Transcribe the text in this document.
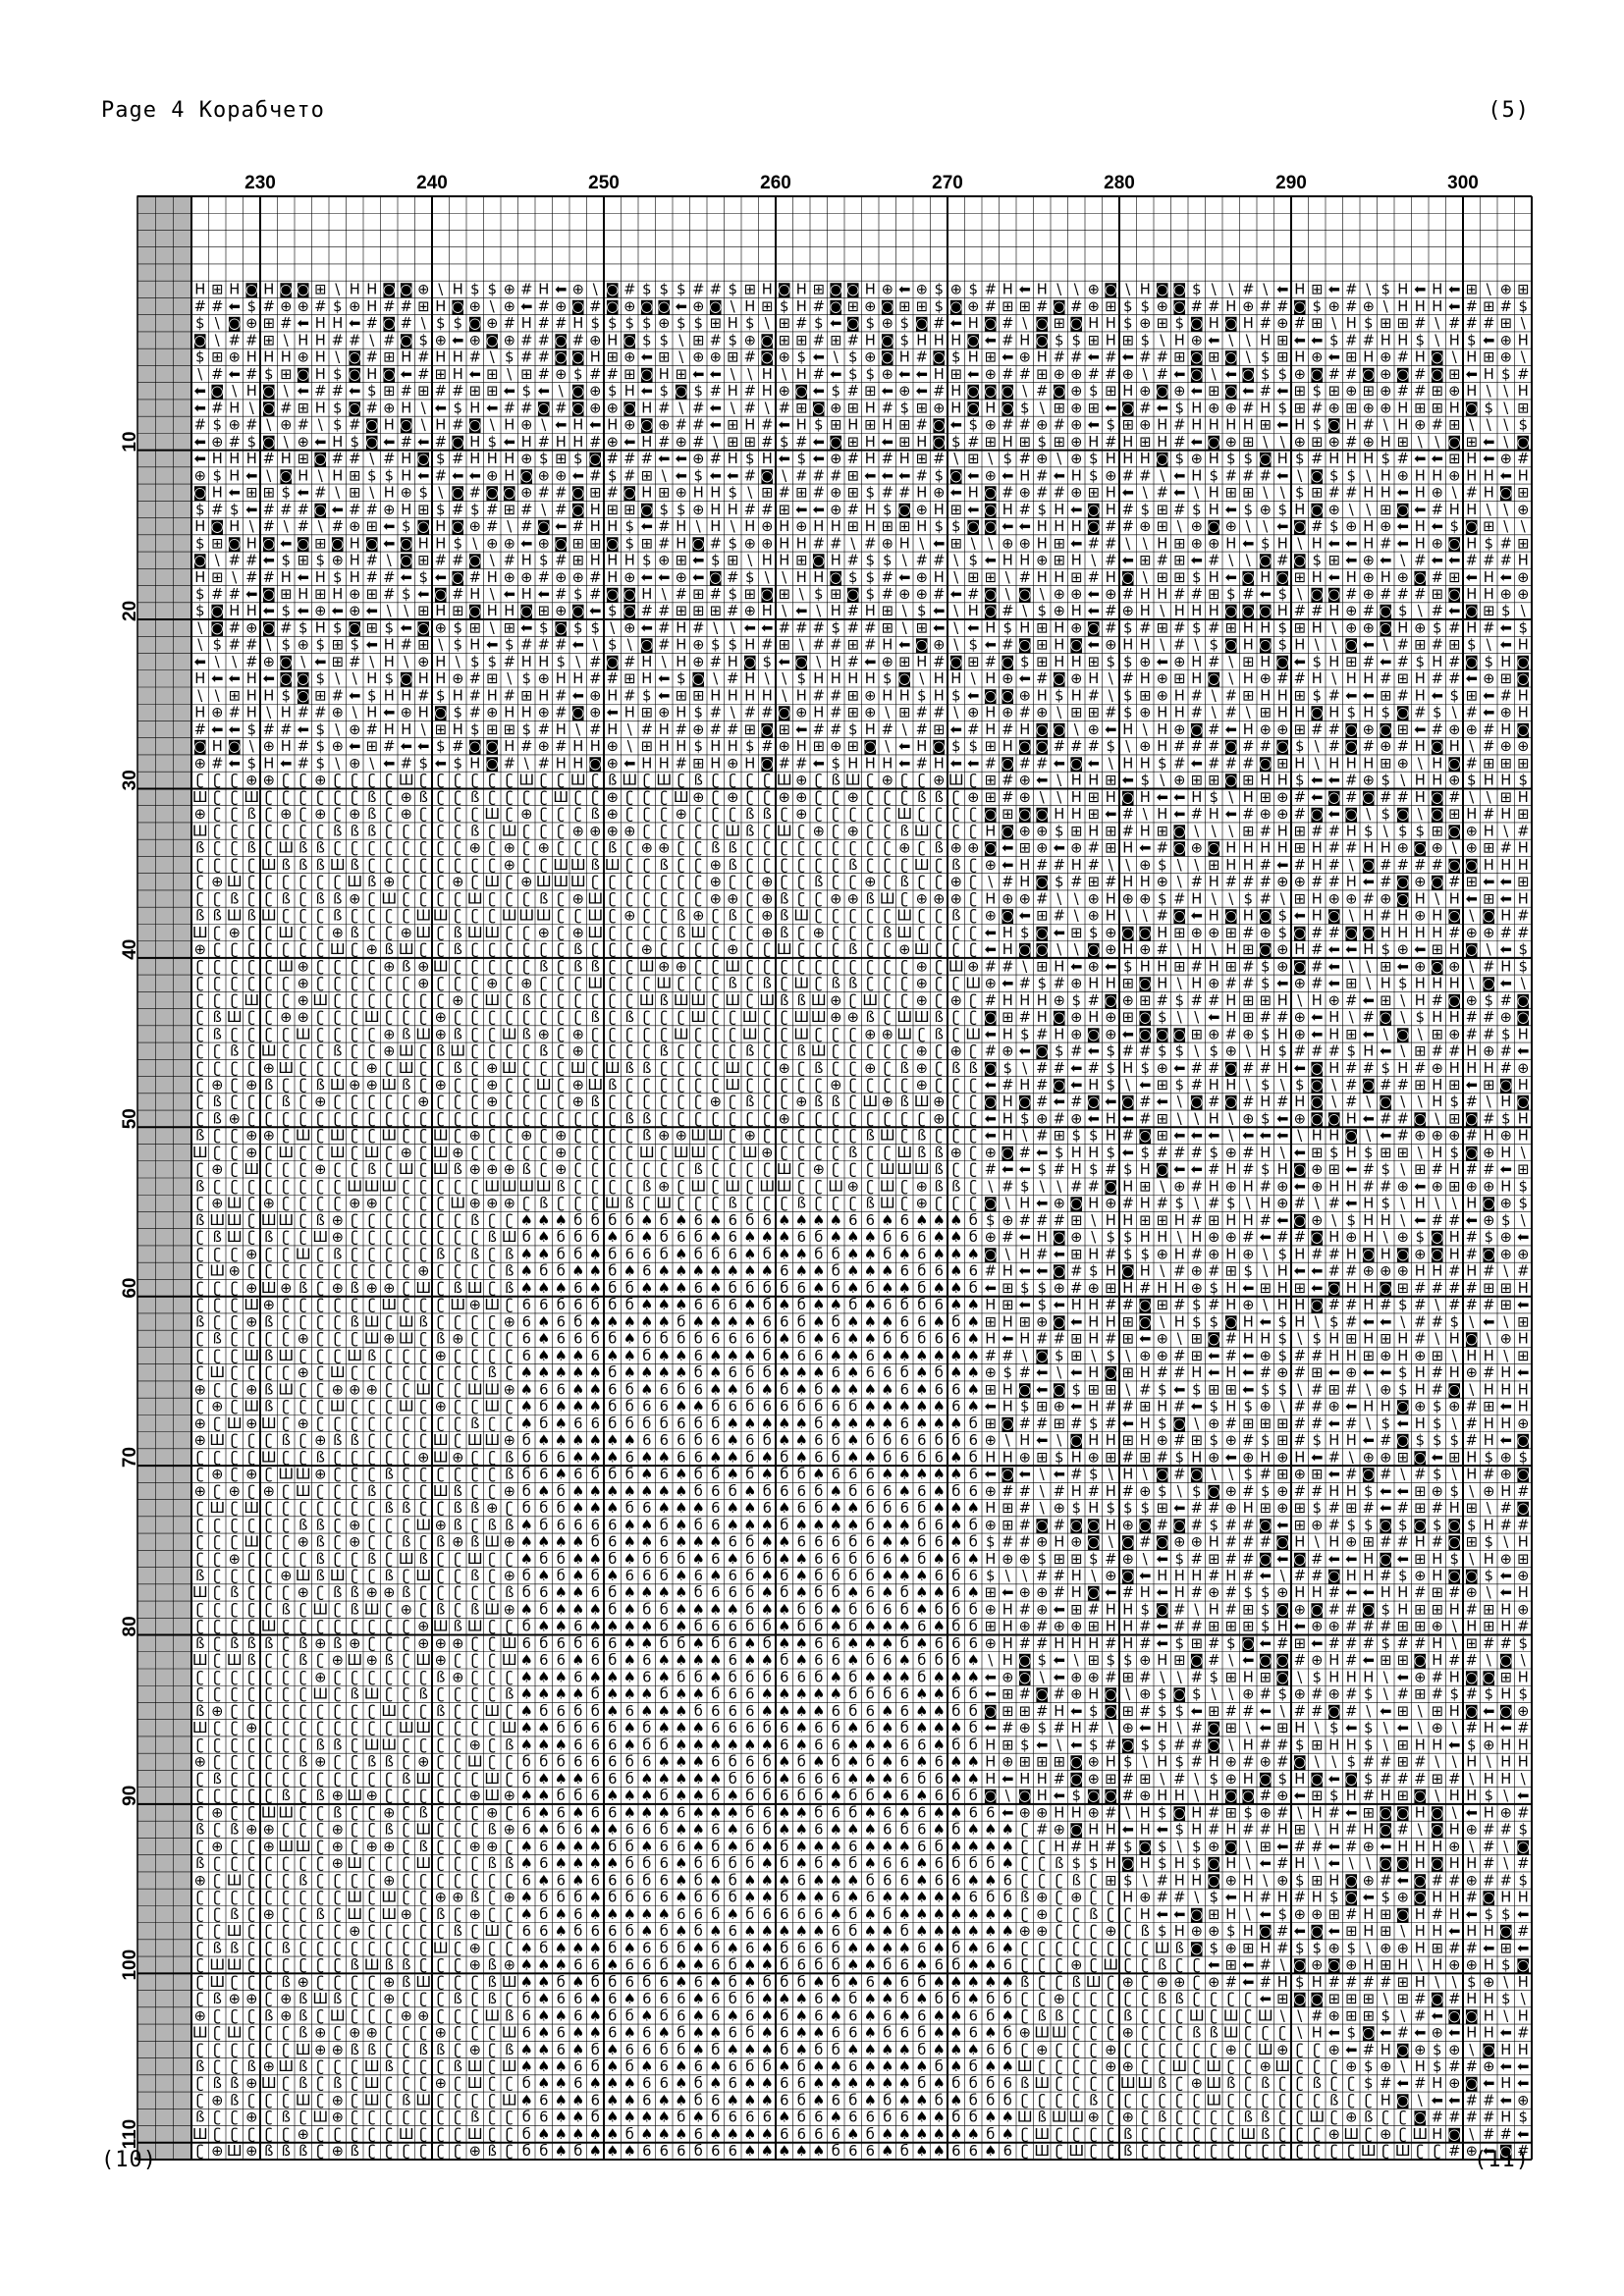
Page 4 Корабчето	(5)
H ⊞ H ◙ H ◙ ◙ ⊞ \ H H ◙ ◙ ⊕ \ H $ $ ⊕ # H ⬅ ⊕ \ ◙ # $ $ $ # # $ ⊞ H ◙ H ⊞ ◙ ◙ H ⊕ ⬅ ⊕ $ ⊕ $ # H ⬅ H \ \ ⊕ ◙ \ H ◙ ◙ $ \ \ # \ ⬅ H ⊞ ⬅ # \ $ H ⬅ H ⬅ ⊞ \ ⊕ ⊞
# # ⬅ $ # ⊕ ⊕ # $ ⊕ H # # ⊞ H ◙ ⊕ \ ⊕ ⬅ # ⊕ ◙ # ◙ ⊕ ◙ ◙ ⬅ ⊕ ◙ \ H ⊞ $ H # ◙ ⊞ ⊕ ◙ ⊞ ⊞ $ ◙ ⊕ # ⊞ ⊞ # ◙ # ⊕ ⊞ $ $ ⊕ ◙ # # H ⊕ # # ◙ $ ⊕ # ⊕ \ H H H ⬅ # ⊞ # $
$ \ ◙ ⊕ ⊞ # ⬅ H H ⬅ # ◙ # \ $ $ ◙ ⊕ # H # # H $ $ $ $ ⊕ $ $ ⊞ H $ \ ⊞ # $ ⬅ ◙ $ ⊕ $ ◙ # ⬅ H ◙ # \ ◙ ⊞ ◙ H H $ ⊕ ⊞ $ ◙ H ◙ H # ⊕ # ⊞ \ H $ ⊞ ⊞ # \ # # # ⊞ \
◙ \ # # ⊞ \ H H # # \ # ◙ $ ⊕ ⬅ ⊕ ◙ ⊕ # # ◙ # ⊕ H ◙ $ $ \ ⊞ # $ ⊕ ◙ ⊞ ⊞ # ⊞ # H ◙ $ H H H ◙ ⬅ # H ◙ $ $ ⊞ H ⊞ $ \ H ⊕ ⬅ \ \ H ⊞ ⬅ ⬅ $ # # H H $ \ H $ ⬅ ⊕ H
$ ⊞ ⊕ H H H ⊕ H \ ◙ # ⊞ H # H H # \ $ # # ◙ ◙ H ⊞ ⊕ ⬅ ⊞ \ ⊕ ⊕ ⊞ # ◙ ⊕ $ ⬅ \ $ ⊕ ◙ H # ◙ $ H ⊞ ⬅ ⊕ H # # ⬅ # ⬅ # # ⊞ ◙ ⊞ ◙ \ $ ⊞ H ⊕ ⬅ ⊞ H ⊕ # H ◙ \ H ⊞ ⊕ \
\ # ⬅ # $ ⊞ ◙ H $ ◙ H ◙ ⬅ # ⊞ H ⬅ ⊞ \ ⊞ # ⊕ $ # # ⊞ ◙ H ⊞ ⬅ ⬅ \ \ H \ H # ⬅ $ $ ⊕ ⬅ ⬅ H ⊞ ⬅ ⊕ # # ⊞ ⊕ ⊕ # # ⊕ \ # ⬅ ◙ \ ⬅ ◙ $ $ ⊕ ◙ # # ◙ ⊕ ◙ # ◙ ⊞ ⬅ H $ #
⬅ ◙ \ H ◙ \ ⬅ # # ⬅ $ ⊞ # ⊞ # # ⊞ ⊞ ⬅ $ ⬅ \ ◙ ⊕ $ H ⬅ $ ◙ $ # H # H ⊕ ◙ ⬅ $ # ⊞ ⬅ ⊕ ⬅ # H ◙ ◙ ◙ \ # ◙ ⊕ $ ⊞ H ⊕ ◙ ⊕ ⬅ ⊞ ◙ ⬅ # ⬅ ⊞ $ ⊞ ⊕ ⊞ ⊕ # # ⊞ ⊕ H \ \ H
⬅ # H \ ◙ # ⊞ H $ ◙ # ⊕ H \ ⬅ $ H ⬅ # # ◙ # ◙ ⊕ ⊕ ◙ H # \ # ⬅ \ # \ # ⊞ ◙ ⊕ ⊞ H # $ ⊞ ⊕ H ◙ H ◙ $ \ ⊞ ⊕ ⊞ ⬅ ◙ # ⬅ $ H ⊕ ⊕ # H $ ⊞ # ⊕ ⊞ ⊕ ⊕ H ⊞ ⊞ H ◙ $ \ ⊞
# $ ⊕ # \ ⊕ # \ $ # ◙ H ◙ \ H # ◙ \ H ⊕ \ ⬅ H ⬅ H ⊕ ◙ ⊕ # # ⬅ ⊞ H # ⬅ H $ ⊞ H ⊞ H ⊞ # ◙ ⬅ $ ⊕ # # ⊕ # ⊕ ⬅ $ ⊞ ⊕ H # H H H H ⊞ ⬅ H $ ◙ H # \ H ⊕ # ⊞ \ \ \ $
⬅ ⊕ # $ ◙ \ ⊕ ⬅ H $ ◙ ⬅ # ⬅ # ◙ H $ ⬅ H # H H # ⊕ ⬅ H # ⊕ # \ ⊞ ⊞ # $ # ⬅ ◙ ⊞ H ⬅ ⊞ H ◙ $ # ⊞ H ⊞ $ ⊞ ⊕ H # H ⊞ H # ⬅ ◙ ⊕ ⊞ \ \ ⊕ ⊞ ⊕ # ⊕ H ⊞ \ \ ◙ ⊞ ⬅ \ ◙
⬅ H H H # H ⊞ ◙ # # \ # H ◙ $ # H H H ⊕ $ ⊞ $ ◙ # # # ⬅ ⬅ ⊕ # H $ H ⬅ $ ⬅ ⊕ # H # H ⊞ # \ ⊞ \ $ # ⊕ \ ⊕ $ H H H ◙ $ ⊕ H $ $ ◙ H $ # H H H $ # ⬅ ⬅ ⊞ H ⬅ ⊕ #
⊕ $ H ⬅ \ ◙ H \ H ⊞ $ $ H ⬅ # ⬅ ⬅ ⊕ H ◙ ⊕ ⊕ ⬅ # $ # ⊞ \ ⬅ $ ⬅ ⬅ # ◙ \ # # # ⊞ ⬅ ⬅ ⬅ # $ ◙ ⬅ ⊕ ⬅ H # ⬅ H $ ⊕ # # \ ⬅ H $ # # # ⬅ \ ◙ $ $ \ H ⊕ H H ⊕ H H ⬅ H
◙ H ⬅ ⊞ ⊞ $ ⬅ # \ ⊞ \ H ⊕ $ \ ◙ # ◙ ◙ ⊕ # # ◙ ⊞ # ◙ H ⊞ ⊕ H H $ \ ⊞ # ⊞ # ⊕ ⊞ $ # # H ⊕ ⬅ H ◙ # ⊕ # # ⊕ ⊞ H ⬅ \ # ⬅ \ H ⊞ ⊞ \ \ $ ⊞ # # H H ⬅ H ⊕ \ # H ◙ ⊞
$ # $ ⬅ # # # ◙ ⬅ # # ⊕ H ⊞ $ # $ # ⊞ # \ # ◙ H ⊞ ⊞ ◙ $ $ ⊕ H H # # ⊞ ⬅ ⬅ ⊕ # H $ ◙ ⊕ H ⊞ ⬅ ◙ H # $ H ⬅ ◙ H # $ ⊞ # $ H ⬅ $ ⊕ $ H ◙ ⊕ \ \ ⊞ ◙ ⬅ # H H \ \ ⊕
H ◙ H \ # \ # \ # ⊕ ⊞ ⬅ $ ◙ H ◙ ⊕ # \ # ◙ ⬅ # H H $ ⬅ # H \ H \ H ⊕ H ⊕ H H ⊞ H ⊞ ⊞ H $ $ ◙ ◙ ⬅ ⬅ H H H ◙ # # ⊕ ⊞ \ ⊕ ◙ ⊕ \ \ ⬅ ◙ # $ ⊕ H ⊕ ⬅ H ⬅ $ ◙ ⊞ \ \
$ ⊞ ◙ H ◙ ⬅ ◙ ⊞ ◙ H ◙ ⬅ ◙ H H $ \ ⊕ ⊕ ⬅ ⊕ ◙ ⊞ ⊞ ◙ $ ⊞ # H ◙ # $ ⊕ ⊕ H H # # \ # ⊕ H \ ⬅ ⊞ \ \ ⊕ ⊕ H ⊞ ⬅ # # \ \ H ⊞ ⊕ ⊕ H ⬅ $ H \ H ⬅ ⬅ H # ⬅ H ⊕ ◙ H $ # ⊞
◙ \ # # ⬅ $ ⊞ $ ⊕ H # \ ◙ ⊞ # # ◙ \ # H $ # ⊞ H H H $ ⊕ ⊞ ⬅ $ ⊞ \ H H ⊞ ◙ H # $ $ \ # # \ $ ⬅ H H ⊕ ⊞ H \ # ⬅ ⊞ # ⊞ ⬅ # \ \ ◙ # ◙ $ ⊞ ⬅ ⊕ ⬅ \ # ⬅ ⬅ # # # H
H ⊞ \ # # H ⬅ H $ H # # ⬅ $ ⬅ ◙ # H ⊕ ⊕ # ⊕ ⊕ # H ⊕ ⬅ ⬅ ⊕ ⬅ ◙ # $ \ \ H H ◙ $ $ # ⬅ ⊕ H \ ⊞ ⊞ \ # H H ⊞ # H ◙ \ ⊞ ⊞ $ H ⬅ ◙ H ◙ ⊞ H ⬅ H ⊕ H ⊕ ◙ # ⊞ ⬅ H ⬅ ⊕
$ # # ⬅ ◙ ⊞ H ⊞ H ⊕ ⊞ # $ ⬅ ◙ # H \ ⬅ H ⬅ # $ # ◙ ◙ H \ # ⊞ # $ ⊞ ◙ ⊞ \ $ ⊞ ◙ $ # ⊕ ⊕ # ⬅ # ◙ \ ◙ \ ⊕ ⊕ ⬅ ⊕ # H H # # ⊞ $ # ⬅ $ \ ◙ ◙ # ⊕ # # # ⊞ ◙ H H ⊕ ⊕
$ ◙ H H ⬅ $ ⬅ ⊕ ⬅ ⊕ ⬅ \ \ ⊞ H ⊞ ◙ H H ◙ ⊞ ⊕ ◙ ⬅ $ ◙ # # ⊞ ⊞ ⊞ # ⊕ H \ ⬅ \ H # H ⊞ \ $ ⬅ \ H ◙ # \ $ ⊕ H ⬅ # ⊕ H \ H H H ◙ ◙ ◙ H # # H ⊕ # ◙ $ \ # ⬅ ◙ ⊞ $ \
\ ◙ # ⊕ ◙ # $ H $ ◙ ⊞ $ ⬅ ◙ ⊕ $ ⊞ \ ⊞ ⬅ $ ◙ $ $ \ ⊕ ⬅ # H # \ \ ⬅ ⬅ # # # $ # # ⊞ \ ⊞ ⬅ \ ⬅ H $ H ⊞ H ⊕ ◙ # $ # ⊞ # $ # ⊞ H H $ ⊞ H \ ⊕ ⊕ ◙ H ⊕ $ # H # ⬅ $
\ $ # # \ $ ⊕ $ ⊞ $ ⬅ H # ⊞ \ $ H ⬅ $ # # # ⬅ \ $ \ ◙ # H ⊕ $ $ H # ⊞ \ # # ⊞ # H ⬅ ◙ ⊕ \ $ ⬅ # ◙ ⊞ H ◙ ⬅ ⊕ H H \ # \ $ ◙ H ◙ $ H \ \ ◙ ⬅ \ # ⊞ # ⊞ $ \ ⬅ H
⬅ \ \ # ⊕ ◙ \ ⬅ ⊞ # \ H \ ⊕ H \ $ $ # H H $ \ # ◙ # H \ H ⊕ # H ◙ $ ⬅ ◙ \ H # ⬅ ⊕ ⊞ H # ◙ ⊞ # ◙ $ ⊞ H H ⊞ $ $ ⊕ ⬅ ⊕ H # \ ⊞ H ◙ ⬅ $ H ⊞ # ⬅ # $ H # ◙ $ H ◙
H ⬅ ⬅ H ⬅ ◙ ◙ $ \ \ H $ ◙ H H ⊕ # ⊞ \ $ ⊕ H H # # ⊞ H ⬅ $ ◙ \ # H \ \ $ H H H H $ ◙ \ H H \ H ⊕ ⬅ # ◙ ⊕ H \ # H ⊕ ⊞ H ◙ \ H ⊕ # # H \ H H # ⊞ H # # ⬅ ⊕ ⊞ ◙
\ \ ⊞ H H $ ◙ ⊞ # ⬅ $ H H # $ H # H # ⊞ H # ⬅ ⊕ H # $ ⬅ ⊞ ⊞ H H H H \ H # # ⊞ ⊕ H H $ H $ ⬅ ◙ ◙ ⊕ H $ H # \ $ ⊞ ⊕ H # \ # ⊞ H H ⊞ $ # ⬅ ⬅ ⊞ # H ⬅ $ ⊞ ⬅ # H
H ⊕ # H \ H # # ⊕ \ H ⬅ ⊕ H ◙ $ # ⊕ H H ⊕ # ◙ ⊕ ⬅ H ⊞ ⊕ H $ # \ # # ◙ ⊕ H # ⊞ ⊕ \ ⊞ # # \ ⊕ H ⊕ # ⊕ \ ⊞ ⊞ # $ ⊕ H H # \ # \ ⊞ H H ◙ H $ H $ ◙ # $ \ # ⬅ ⊕ H
# ⬅ ⬅ $ # # ⬅ $ \ ⊕ # H H \ ⊞ H $ ⊞ ⊞ $ # H \ # H \ # H # ⊕ # # ⊞ ◙ ⊞ ⬅ # # $ H # \ # ⊞ ⬅ # H # H ◙ ◙ \ ⊕ ⬅ H \ H ⊕ ◙ # ⬅ H ⊕ ⊕ ⊞ # # ◙ ⊕ ◙ ⊞ ⬅ # ⊕ ⊕ # H ◙
◙ H ◙ \ ⊕ H # $ ⊕ ⬅ ⊞ # ⬅ ⬅ $ # ◙ ◙ H # ⊕ # H H ⊕ \ ⊞ H H $ H H $ # ⊕ H ⊞ ⊕ ⊞ ◙ \ ⬅ H ◙ $ $ ⊞ H ◙ ◙ # # # $ \ ⊕ H # # # ◙ # # ◙ $ \ # ◙ # ⊕ # H ◙ H \ # ⊕ ⊕
⊕ # ⬅ $ H ⬅ # $ \ ⊕ \ ⬅ # $ ⬅ $ H ◙ # \ # H H ◙ ⊕ ⬅ H H # ⊞ H ⊕ H ◙ # # ⬅ $ H H H ⬅ # H ⬅ ⬅ # ◙ # # ⬅ ◙ ⬅ \ H H $ # ⬅ # # # ◙ ⊞ H \ H H H ⊞ ⊕ \ H ◙ # ⊞ ⊞ ⊞
ʗ ʗ ʗ ⊕ ⊕ ʗ ʗ ⊕ ʗ ʗ ʗ ʗ Ш ʗ ʗ ʗ ʗ ʗ ʗ Ш ʗ ʗ Ш ʗ ß Ш ʗ Ш ʗ ß ʗ ʗ ʗ ʗ Ш ⊕ ʗ ß Ш ʗ ⊕ ʗ ʗ ⊕ Ш ʗ ⊞ # ⊕ ⬅ \ H H ⊞ ⬅ $ \ ⊕ ⊞ ⊞ ◙ ⊞ H H $ ⬅ ⬅ # ⊕ $ \ H H ⊕ $ H H $
Ш ʗ ʗ Ш ʗ ʗ ʗ ʗ ʗ ʗ ß ʗ ⊕ ß ʗ ʗ ß ʗ ʗ ʗ ʗ Ш ʗ ʗ ⊕ ʗ ʗ ʗ Ш ⊕ ʗ ⊕ ʗ ʗ ⊕ ⊕ ʗ ʗ ⊕ ʗ ʗ ʗ ß ß ʗ ⊕ ⊞ # ⊕ \ \ H ⊞ H ◙ H ⬅ ⬅ H $ \ H ⊞ ⊕ # ⬅ ◙ # ◙ # # H ◙ # \ \ ⊞ H
⊕ ʗ ʗ ß ʗ ⊕ ʗ ⊕ ʗ ⊕ ß ʗ ⊕ ʗ ʗ ʗ ʗ Ш ʗ ⊕ ʗ ʗ ʗ ß ⊕ ʗ ʗ ʗ ⊕ ʗ ʗ ʗ ß ß ʗ ⊕ ʗ ʗ ʗ ʗ ʗ Ш ʗ ʗ ʗ ʗ ◙ ⊞ ◙ ◙ H H ⊞ ⬅ # \ H ⬅ # H ⬅ # ⊕ ⊕ # ◙ ⬅ ◙ \ $ ◙ \ ◙ ⊞ H # H ⊞
Ш ʗ ʗ ʗ ʗ ʗ ʗ ʗ ß ß ß ʗ ʗ ʗ ʗ ʗ ß ʗ Ш ʗ ʗ ʗ ⊕ ⊕ ⊕ ⊕ ʗ ʗ ʗ ʗ ʗ Ш ß ʗ Ш ʗ ⊕ ʗ ⊕ ʗ ʗ ß Ш ʗ ʗ ʗ H ◙ ⊕ ⊕ $ ⊞ H ⊞ # H ⊞ ◙ \ \ \ ⊞ # H ⊞ # # H $ \ $ $ ⊞ ◙ ⊕ H \ #
ß ʗ ʗ ß ʗ Ш ß ß ʗ ʗ ʗ ʗ ʗ ʗ ʗ ʗ ⊕ ʗ ⊕ ʗ ⊕ ʗ ʗ ʗ ß ʗ ⊕ ⊕ ʗ ʗ ß ß ʗ ʗ ʗ ʗ ʗ ʗ ʗ ʗ ʗ ⊕ ʗ ß ⊕ ⊕ ◙ ⬅ ⊞ ⊕ ⬅ ⊕ # ⊞ H ⬅ # ◙ ⊕ ◙ H H H H ⊞ H # # H H ⊕ ◙ ⊕ \ ⊕ ⊞ # H
ʗ ʗ ʗ ʗ Ш ß ß ß Ш ß ʗ ʗ ʗ ʗ ʗ ʗ ʗ ʗ ⊕ ʗ ʗ Ш Ш ß Ш ʗ ʗ ß ʗ ʗ ⊕ ß ʗ ʗ ʗ ʗ ʗ ʗ ß ʗ ʗ ʗ Ш ʗ ß ʗ ⊕ ⬅ H # # H # \ \ ⊕ $ \ \ ⊞ H H # ⬅ # H # \ ◙ # # # # ◙ ◙ H H H
ʗ ⊕ Ш ʗ ʗ ʗ ʗ ʗ ʗ Ш ß ⊕ ʗ ʗ ʗ ⊕ ʗ Ш ʗ ⊕ Ш Ш Ш ʗ ʗ ʗ ʗ ʗ ʗ ʗ ⊕ ʗ ʗ ⊕ ʗ ʗ ß ʗ ʗ ⊕ ʗ ß ʗ ʗ ⊕ ʗ \ # H ◙ $ # ⊞ # H H ⊕ \ # H # # # ⊕ ⊕ # # H ⬅ # ◙ ⊕ ◙ # ⊞ ⬅ ⬅ ⊞
ʗ ʗ ß ʗ ʗ ß ʗ ß ß ⊕ ʗ Ш ʗ ʗ ʗ ʗ Ш ʗ ʗ ʗ ß ʗ ⊕ Ш ʗ ʗ ʗ ʗ ʗ ʗ ⊕ ⊕ ʗ ⊕ ß ʗ ʗ ⊕ ⊕ ß Ш ʗ ⊕ ⊕ ⊕ ʗ H ⊕ ⊕ # \ \ ⊕ H ⊕ ⊕ $ # H \ \ $ # \ ⊞ H ⊕ ⊕ # ⊕ ◙ H \ H ⬅ ⊞ ⬅ H
ß ß Ш ß Ш ʗ ʗ ʗ ß ʗ ʗ ʗ ʗ Ш Ш ʗ ʗ ʗ Ш Ш Ш ʗ ʗ Ш ʗ ⊕ ʗ ʗ ß ⊕ ʗ ß ʗ ⊕ ß Ш ʗ ʗ ʗ ʗ ʗ Ш ʗ ʗ ß ʗ ⊕ ◙ ⬅ ⊞ # \ ⊕ H \ \ # ◙ ⬅ H ◙ H ◙ $ ⬅ H ◙ \ H # H ⊕ H ◙ \ ◙ H #
Ш ʗ ⊕ ʗ ʗ Ш ʗ ʗ ⊕ ß ʗ ʗ ⊕ Ш ʗ ß Ш Ш ʗ ʗ ⊕ ʗ ⊕ Ш ʗ ʗ ʗ ʗ ß Ш ʗ ʗ ʗ ⊕ ß ʗ ⊕ ʗ ʗ ʗ ß Ш ʗ ʗ ʗ ʗ ⬅ H $ ◙ ⬅ ⊞ $ ⊕ ◙ ◙ H ⊞ ⊕ ⊕ ⊞ # ⊕ $ ◙ # # ◙ ◙ H H H H # ⊕ ⊕ # #
⊕ ʗ ʗ ʗ ʗ ʗ ʗ ʗ Ш ʗ ⊕ ß Ш ʗ ʗ ß ʗ ʗ ʗ ʗ ʗ ʗ ß ʗ ʗ ʗ ⊕ ʗ ʗ ʗ ʗ ⊕ ʗ ʗ Ш ʗ ʗ ʗ ß ʗ ʗ ⊕ Ш ʗ ʗ ʗ ⬅ H ◙ ◙ \ \ ◙ ⊕ H ⊕ # \ H \ H ⊞ ◙ ⊕ H # ⬅ ⬅ H $ ⊕ ⬅ ⊞ H ◙ \ ⬅ $
ʗ ʗ ʗ ʗ ʗ Ш ⊕ ʗ ʗ ʗ ʗ ⊕ ß ⊕ Ш ʗ ʗ ʗ ʗ ʗ ß ʗ ß ß ʗ ʗ Ш ⊕ ⊕ ʗ ʗ Ш ʗ ʗ ʗ ʗ ʗ ʗ ʗ ʗ ʗ ʗ ⊕ ʗ Ш ⊕ # # \ ⊞ H ⬅ ⊕ ⬅ $ H H ⊞ # H ⊞ # $ ⊕ ◙ # ⬅ \ \ ⊞ ⬅ ⊕ ◙ ⊕ \ # H $
ʗ ʗ ʗ ʗ ʗ ʗ ⊕ ʗ ʗ ʗ ʗ ʗ ʗ ⊕ ʗ ʗ ʗ ⊕ ʗ ⊕ ʗ ʗ ʗ Ш ʗ ʗ ʗ Ш ʗ ʗ ʗ ß ʗ ß ʗ Ш ʗ ß ß ʗ ʗ ʗ ⊕ ʗ ʗ Ш ⊕ ⬅ # $ # ⊕ H H ⊞ ◙ H \ H ⊕ # # $ ⬅ ⊕ # ⬅ ⊞ \ H $ H H H \ ◙ ⬅ \
ʗ ʗ ʗ Ш ʗ ʗ ⊕ Ш ʗ ʗ ʗ ʗ ʗ ʗ ʗ ⊕ ʗ Ш ʗ ß ʗ ʗ ʗ ʗ ʗ ʗ Ш ß Ш Ш ʗ Ш ʗ Ш ß ß Ш ⊕ ʗ Ш ʗ ʗ ⊕ ʗ ⊕ ʗ # H H H ⊕ $ # ◙ ⊕ ⊞ # $ # # H ⊞ ⊞ H \ H ⊕ # ⬅ ⊞ \ H # ◙ ⊕ $ # ◙
ʗ ß Ш ʗ ʗ ⊕ ⊕ ʗ ʗ ʗ Ш ʗ ʗ ʗ ⊕ ʗ ʗ ʗ ʗ ʗ ʗ ʗ ʗ ß ʗ ß ʗ ʗ ʗ Ш ʗ ʗ Ш ʗ ʗ Ш Ш ⊕ ⊕ ß ʗ Ш Ш ß ʗ ʗ ◙ ⊞ # H ◙ ⊕ H ⊕ ⊞ ◙ $ \ \ ⬅ H ⊞ # # ⊕ ⬅ H \ # ◙ \ $ H H # # ⊕ ◙
ʗ ß ʗ ʗ ʗ ʗ Ш ʗ ʗ ʗ ʗ ⊕ ß Ш ⊕ ß ʗ ʗ Ш ß ⊕ ʗ ⊕ ʗ ʗ ʗ ʗ ʗ Ш ʗ ʗ ʗ Ш ʗ ʗ Ш ʗ ʗ ʗ ⊕ ⊕ Ш ʗ ß ʗ Ш ⬅ H $ # H ⊕ ◙ ⊕ ⬅ ◙ ◙ ◙ ⊞ ⊕ # ⊕ $ H ⊕ ⬅ H ⊞ ⬅ \ ◙ \ ⊞ ⊕ # # $ H
ʗ ʗ ß ʗ Ш ʗ ʗ ʗ ß ʗ ʗ ⊕ Ш ʗ ß Ш ʗ ʗ ʗ ʗ ß ʗ ⊕ ʗ ʗ ʗ ʗ ß ʗ ʗ ʗ ʗ ß ʗ ʗ ß Ш ʗ ʗ ʗ ʗ ʗ ⊕ ʗ ⊕ ʗ # ⊕ ⬅ ◙ $ # ⬅ $ # # $ $ \ $ ⊕ \ H $ # # # $ H ⬅ \ ⊞ # # H ⊕ # ⬅
ʗ ʗ ʗ ʗ ⊕ Ш ʗ ʗ ʗ ʗ ⊕ ʗ Ш ʗ ʗ ß ʗ ⊕ Ш ʗ ʗ ʗ Ш ʗ Ш ß ß ʗ ʗ ʗ ʗ Ш ʗ ʗ ⊕ ʗ ß ʗ ʗ ⊕ ʗ ß ⊕ ʗ ß ß ◙ $ \ # # ⬅ # $ H $ ⊕ ⬅ # # ◙ # # H ⬅ ◙ H # # $ H # ⊕ H H H # ⊕
ʗ ⊕ ʗ ⊕ ß ʗ ʗ ß Ш ⊕ ⊕ Ш ß ʗ ⊕ ʗ ʗ ⊕ ʗ ʗ Ш ʗ ⊕ Ш ß ʗ ʗ ʗ ʗ ʗ ʗ Ш ʗ ʗ ʗ ʗ ʗ ⊕ ʗ ʗ ʗ ʗ ⊕ ʗ ʗ ʗ ⬅ # H # ◙ ⬅ H $ \ ⬅ ⊞ $ # H H \ $ \ $ ◙ \ # ◙ # # ⊞ H ⊞ ⬅ ⊞ ◙ H
ʗ ß ʗ ʗ ʗ ß ʗ ⊕ ʗ ʗ ʗ ʗ ʗ ⊕ ʗ ʗ ʗ ⊕ ʗ ʗ ʗ ʗ ⊕ ß ʗ ʗ ʗ ʗ ʗ ʗ ⊕ ʗ ß ʗ ʗ ⊕ ß ß ʗ Ш ⊕ ß Ш ⊕ ʗ ʗ ◙ H ◙ # ⬅ # ◙ ⬅ ◙ # ⬅ \ ◙ # ◙ # H # H ◙ \ # \ ◙ \ \ H $ # \ H ◙
ʗ ß ⊕ ʗ ʗ ʗ ʗ ʗ ʗ ʗ ʗ ʗ ʗ ʗ ʗ ʗ ʗ ʗ ʗ ʗ ʗ ʗ ʗ ʗ ʗ ß ß ʗ ʗ ʗ ʗ ʗ ʗ ʗ ⊕ ʗ ʗ ʗ ʗ ʗ ʗ ʗ ʗ ⊕ ʗ ʗ ⬅ H $ ⊕ # ⊕ ⬅ H ⬅ # ⊞ \ \ H \ ⊕ $ ⬅ ⊕ ◙ ◙ H ⬅ # # ◙ \ ⊞ ◙ # $ H
ß ʗ ʗ ⊕ ⊕ ʗ Ш ʗ Ш ʗ ʗ Ш ʗ ʗ Ш ʗ ⊕ ʗ ʗ ⊕ ʗ ⊕ ʗ ʗ ʗ ʗ ß ⊕ ⊕ Ш Ш ʗ ⊕ ʗ ʗ ʗ ʗ ʗ ʗ ß Ш ʗ ß ʗ ʗ ʗ ⬅ H \ # ⊞ $ $ H # ◙ ⊞ ⬅ ⬅ ⬅ \ ⬅ ⬅ ⬅ \ H H ◙ \ ⬅ # ⊕ ⊕ ⊕ # H ⊕ H
Ш ʗ ʗ ⊕ ʗ Ш ʗ ʗ Ш ʗ Ш ʗ ⊕ ʗ Ш ⊕ ʗ ʗ ʗ ʗ ʗ ⊕ ʗ ʗ ʗ ʗ Ш ʗ Ш Ш ʗ ʗ Ш ⊕ ʗ ʗ ʗ ʗ ß ʗ ʗ Ш ß ß ⊕ ʗ ⊕ ◙ # ⬅ $ H H $ ⬅ $ # # # $ ⊕ # H \ ⬅ ⊞ $ H $ ⊞ ⊞ \ H $ ◙ ⊕ H \
ʗ ⊕ ʗ Ш ʗ ʗ ʗ ⊕ ʗ ʗ ß ʗ Ш ʗ Ш ß ⊕ ⊕ ⊕ ß ʗ ⊕ ʗ ʗ ʗ ʗ ʗ ʗ ʗ ß ʗ ʗ ʗ ʗ Ш ʗ ⊕ ʗ ʗ ʗ Ш Ш Ш ß ʗ ʗ # ⬅ ⬅ $ # H $ # $ H ◙ ⬅ ⬅ # H # $ H ◙ ⊕ ⊞ ⬅ # $ \ ⊞ # H # # ⬅ ⊞
ß ʗ ʗ ʗ ʗ ʗ ʗ ʗ ʗ Ш Ш Ш ʗ ʗ ʗ ʗ ʗ Ш Ш Ш Ш ß ʗ ʗ ʗ ʗ ß ⊕ ʗ Ш ʗ Ш ʗ Ш Ш ʗ ʗ Ш ⊕ ʗ Ш ʗ ⊕ ß ß ʗ \ # $ \ \ # # ◙ H ⊞ \ ⊕ # H ⊕ H # ⊕ ⬅ ⊕ H H # # ⊕ ⬅ ⊕ ⊞ ⊕ ⊕ H $
ʗ ⊕ Ш ʗ ⊕ ʗ ʗ ʗ ʗ ⊕ ⊕ ʗ ʗ ʗ ʗ Ш ⊕ ⊕ ⊕ ʗ ß ʗ ʗ ʗ Ш ß ʗ Ш ʗ ʗ ʗ ß ʗ ʗ ʗ ß ʗ ʗ ʗ ß Ш ʗ ⊕ ʗ ʗ ʗ ◙ \ H ⬅ ⊕ ◙ H ⊕ # H # $ \ # $ \ H ⊕ # \ # ⬅ H $ \ H \ \ H ◙ ⊕ $
ß Ш Ш ʗ Ш Ш ʗ ß ⊕ ʗ ʗ ʗ ʗ ʗ ʗ ʗ ß ʗ ʗ ♠ ♠ ♠ б б б б ♠ б ♠ 6 ♠ 6 б 6 ♠ ♠ ♠ ♠ 6 6 ♠ 6 ♠ ♠ ♠ б $ ⊕ # # # ⊞ \ H H ⊞ ⊞ H # ⊞ H H # ⬅ ◙ ⊕ \ $ H H \ ⬅ # # ⬅ ⊕ $ \
ʗ ß Ш ʗ ß ʗ ʗ Ш ⊕ ʗ ʗ ʗ ʗ ʗ ʗ ʗ ʗ ß Ш б ♠ б б б ♠ б ♠ б 6 б ♠ 6 ♠ ♠ ♠ 6 б ♠ ♠ ♠ б 6 6 ♠ ♠ б ⊕ # ⬅ H ◙ ⊕ \ $ $ H H \ H ⊕ ⊕ # ⬅ # # ◙ H ⊕ H \ ⊕ $ ◙ H # $ ⊕ ⬅
ʗ ʗ ʗ ⊕ ʗ ʗ Ш ʗ ß ʗ ʗ ʗ ʗ ʗ ß ʗ ß ʗ ß ♠ ♠ б б ♠ б 6 6 б ♠ б б 6 ♠ б ♠ ♠ б б ♠ ♠ б ♠ 6 ♠ ♠ ♠ ◙ \ H # ⬅ ⊞ H # $ $ ⊕ H # ⊕ H ⊕ \ $ H # # H ◙ H ◙ ⊕ ◙ H # ◙ ⊕ ⊕
ʗ Ш ⊕ ʗ ʗ ʗ ʗ ʗ ʗ ʗ ʗ ʗ ʗ ⊕ ʗ ʗ ʗ ʗ ß ♠ б б ♠ ♠ б ♠ 6 ♠ ♠ ♠ ♠ ♠ ♠ ♠ 6 ♠ ♠ б ♠ ♠ ♠ 6 б 6 ♠ 6 # H ⬅ ⬅ ◙ # $ H ◙ H \ # ⊕ # ⊞ $ \ H ⬅ ⬅ # # ⊕ ⊕ ⊕ H H # H # \ #
ʗ ʗ ʗ ⊕ Ш ⊕ ß ʗ ⊕ ß ⊕ ⊕ ʗ Ш ʗ ß Ш ʗ ß ♠ ♠ ♠ 6 ♠ б б ♠ ♠ ♠ 6 ♠ б б б б 6 ♠ б ♠ б ♠ ♠ б ♠ ♠ б ⬅ ⊞ $ $ ⊕ # ⊕ ⊞ H # H H ⊕ $ H ⬅ ⊞ H ⊞ ⬅ ◙ H H ◙ ⊞ # # # # ⊞ ⊞ H
ʗ ʗ ʗ Ш ⊕ ʗ ʗ ʗ ʗ ʗ ʗ Ш ʗ ʗ ʗ Ш ⊕ Ш ʗ 6 6 б 6 б б б ♠ ♠ ♠ 6 6 6 ♠ б ♠ б ♠ ♠ б ♠ 6 б б 6 ♠ ♠ H ⊞ ⬅ $ ⬅ H H # # ◙ ⊞ # $ # H ⊕ \ H H ◙ # # H # $ # \ # # # ⊞ ⬅
ß ʗ ʗ ⊕ ß ʗ ʗ ʗ ʗ ß Ш ʗ Ш ß ʗ ʗ ʗ ʗ ⊕ 6 ♠ 6 б ♠ ♠ ♠ ♠ ♠ б ♠ ♠ ♠ ♠ 6 6 б ♠ б ♠ ♠ ♠ 6 6 ♠ б ♠ ⊞ H ⊞ ⊕ ◙ ⬅ H H ⊞ ◙ \ H $ $ ◙ H ⬅ $ H \ $ # ⬅ ⬅ \ # # $ \ ⬅ \ ⊞
ʗ ß ʗ ʗ ʗ ʗ ⊕ ʗ ʗ ʗ Ш ⊕ Ш ʗ ß ⊕ ʗ ʗ ʗ 6 ♠ 6 6 б б ♠ б б б б 6 6 6 б ♠ б ♠ 6 ♠ ♠ б б б 6 6 ♠ H ⬅ H # # ⊞ H # ⊞ ⬅ ⊕ \ ⊞ ◙ # H H $ \ $ H ⊞ H ⊞ H # \ H ◙ \ ⊕ H
ʗ ʗ ʗ Ш ß Ш ʗ ʗ ʗ Ш ß ʗ ʗ ʗ ⊕ ʗ ʗ ʗ ʗ 6 ♠ ♠ ♠ 6 ♠ ♠ б ♠ ♠ 6 ♠ ♠ ♠ б ♠ 6 6 ♠ ♠ 6 ♠ ♠ ♠ ♠ ♠ ♠ # # \ ◙ $ ⊞ \ $ \ ⊕ ⊕ # ⊞ ⬅ # ⬅ ⊕ $ # # H H ⊞ ⊕ H ⊕ ⊞ \ H H \ ⊞
ʗ Ш ʗ ʗ ʗ ʗ ⊕ ʗ Ш ʗ ʗ ʗ ʗ ʗ ʗ ʗ ʗ ß ʗ ♠ ♠ ♠ ♠ ♠ б ♠ ♠ ♠ ♠ б ♠ 6 б б ♠ ♠ ♠ 6 ♠ 6 6 б ♠ б ♠ ♠ ⊕ $ # ⬅ \ ⬅ H ◙ ⊞ H # # H ⬅ H ⬅ # ⊕ # ⊞ ⬅ ⊕ ⬅ ⬅ $ H # H ⊕ # H ⬅
⊕ ʗ ʗ ⊕ ß Ш ʗ ʗ ⊕ ⊕ ⊕ ʗ ʗ Ш ʗ ʗ Ш Ш ⊕ ♠ 6 6 ♠ ♠ 6 б ♠ 6 б 6 ♠ ♠ б ♠ б ♠ б ♠ ♠ ♠ ♠ 6 ♠ 6 6 ♠ ⊞ H ◙ ⬅ ◙ $ ⊞ ⊞ \ # $ ⬅ $ ⊞ ⊞ ⬅ $ $ \ # ⊞ # \ ⊕ $ H # ◙ \ H H H
ʗ ⊕ ʗ Ш ß ʗ ʗ ʗ Ш ʗ ʗ ʗ Ш ʗ ⊕ ʗ ʗ Ш ʗ ♠ б ♠ ♠ ♠ б б 6 6 ♠ ♠ б 6 б 6 6 б б 6 б ♠ ♠ ♠ ♠ ♠ 6 ♠ ⬅ H $ ⊞ ⊕ ⬅ H # # ⊞ H # ⬅ $ H $ ⊕ \ # # ⊕ ⬅ H H ◙ ⊕ $ ⊕ # ⊞ ⬅ H
⊕ ʗ Ш ⊕ Ш ʗ ⊕ ʗ ʗ ʗ ʗ ʗ ʗ ʗ ʗ ʗ ß ʗ ʗ ♠ б ♠ 6 6 б б б б 6 б б ♠ ♠ ♠ ♠ ♠ б ♠ ♠ ♠ ♠ 6 ♠ ♠ ♠ б ⊞ ◙ # # ⊞ # $ # ⬅ H $ ◙ \ ⊕ # ⊞ ⊞ ⊞ # # ⬅ # \ $ ⬅ H $ \ # H H ⊕
⊕ Ш ʗ ʗ ʗ ß ʗ ⊕ ß ß ʗ ʗ ʗ ʗ Ш ʗ Ш Ш ⊕ б ♠ ♠ ♠ ♠ ♠ ♠ 6 6 6 б 6 ♠ 6 б ♠ ♠ 6 б ♠ б б 6 6 б б 6 ⊕ \ H ⬅ \ ◙ H H ⊞ H ⊕ # ⊞ $ ⊕ # $ ⊞ # $ H H ⬅ # ◙ $ $ $ # H ⬅ ◙
ʗ ʗ ʗ ʗ Ш ʗ ʗ ß ʗ ʗ ʗ ʗ ʗ ⊕ Ш ⊕ ʗ ʗ ß б б 6 ♠ ♠ ♠ 6 ♠ ♠ 6 6 ♠ ♠ б ♠ б ♠ 6 б ♠ ♠ б 6 б 6 ♠ б H H ⊕ ⊞ $ H ⊕ ⊞ # ⊞ # $ H ⊕ ⬅ ⊕ H ⊕ H ⬅ # \ ⊕ ⊕ ⊞ ◙ ⬅ ⊞ H $ ⊕ $
ʗ ⊕ ʗ ⊕ ʗ Ш Ш ⊕ ʗ ʗ ʗ ß ʗ ʗ ʗ ʗ ʗ ʗ ß б 6 ♠ 6 б б б ♠ 6 ♠ б б ♠ б ♠ б б ♠ 6 6 6 ♠ ♠ ♠ ♠ ♠ 6 ⬅ ◙ ⬅ \ ⬅ # $ \ H \ ◙ # ◙ \ \ $ # ⊞ ⊕ ⊞ ⬅ # ◙ # \ # $ \ H # ⊕ ◙
⊕ ʗ ⊕ ʗ ⊕ ʗ Ш ʗ ʗ ʗ ß ʗ ʗ ʗ Ш ß ʗ ʗ ⊕ б ♠ б ♠ ♠ ♠ ♠ ♠ ♠ ♠ б 6 б ♠ б 6 6 б ♠ б 6 6 ♠ 6 ♠ б 6 ⊕ # # \ # H # H # ⊕ $ \ $ ◙ ⊕ # $ ⊕ # # H H $ ⬅ ⬅ ⊞ ⊕ $ \ ⊕ H #
ʗ Ш ʗ Ш ʗ ʗ ʗ ʗ ʗ ʗ ʗ ß ß ʗ ʗ ß ß ⊕ ʗ б б б ♠ ♠ ♠ б 6 ♠ ♠ ♠ 6 ♠ ♠ 6 ♠ 6 б ♠ ♠ б б 6 б ♠ ♠ ♠ H ⊞ # \ ⊕ $ H $ $ $ ⊞ ⬅ # # ⊕ H ⊞ ⊕ ⊞ $ # ⊞ # ⬅ # ⊞ # H ⊞ \ # ◙
ʗ ʗ ʗ ʗ ʗ ʗ ß ß ʗ ⊕ ʗ ʗ ʗ Ш ⊕ ß ʗ ß ß ♠ б 6 6 6 6 ♠ ♠ б ♠ б 6 ♠ ♠ ♠ б ♠ ♠ ♠ ♠ б ♠ ♠ б 6 ♠ б ⊕ ⊞ # ◙ # ◙ ◙ H ⊕ ◙ # ◙ # $ # # ◙ ⬅ ⊞ ⊕ # $ $ ◙ $ ◙ $ ◙ $ H # #
ʗ ʗ ʗ Ш ʗ ʗ ⊕ ß ʗ ⊕ ʗ ʗ ß ʗ ß ⊕ ß Ш ⊕ ♠ ♠ ♠ ♠ б 6 ♠ ♠ 6 ♠ ♠ ♠ 6 б ♠ ♠ 6 6 6 б 6 ♠ ♠ б 6 ♠ б $ # # ⊕ H ⊕ ◙ \ ◙ # ◙ ⊕ ⊕ H # # # ◙ H \ H ⊕ ⊞ # # H # ◙ ⊞ $ \ H
ʗ ʗ ⊕ ʗ ʗ ʗ ʗ ß ʗ ʗ ß ʗ Ш ß ʗ ʗ Ш ʗ ʗ ♠ б б ♠ ♠ б ♠ б б б ♠ 6 ♠ б б ♠ ♠ 6 6 б б 6 ♠ б ♠ 6 ♠ H ⊕ ⊕ $ ⊞ ⊞ $ # ⊕ \ ⬅ $ # ⊞ # # ◙ ⬅ ◙ # ⬅ ⬅ H ◙ ⬅ ⊞ H $ \ H ⊕ ⊞
ß ʗ ʗ ʗ ʗ ⊕ Ш ß Ш ʗ ʗ ß ʗ Ш ʗ ʗ ß ʗ ⊕ б ♠ б ♠ б ♠ 6 6 б ♠ 6 ♠ 6 б ♠ б ♠ б б б б ♠ ♠ ♠ 6 б 6 $ \ \ # # H \ ⊕ ◙ ⬅ H H H # H # ⬅ \ # # ◙ H H # $ ⊕ H ◙ ◙ $ ⬅ ⊕
Ш ʗ ß ʗ ʗ ʗ ⊕ ʗ ß ß ⊕ ⊕ ß ʗ ʗ ʗ ʗ ʗ ß б 6 ♠ ♠ 6 б ♠ ♠ ♠ ♠ б 6 6 б ♠ б ♠ б б ♠ 6 ♠ б ♠ ♠ 6 ♠ ⊞ ⬅ ⊕ ⊕ # H ◙ ⬅ # H ⬅ H # ⊕ # $ $ ⊕ H H # ⬅ ⬅ H H # ⊞ # ⊕ \ ⬅ H
ʗ ʗ ʗ ʗ ʗ ß ʗ Ш ʗ ß Ш ʗ ⊕ ʗ ß ʗ ß Ш ⊕ ♠ б ♠ ♠ ♠ б ♠ б б ♠ ♠ ♠ ♠ б ♠ ♠ б б ♠ б б 6 б ♠ б б б ⊕ H # ⊕ ⬅ ⊞ # H H $ ◙ # \ H # ⊞ $ ◙ ⊕ ◙ # # ◙ $ H ⊞ ⊞ H # ⊞ H ⊕
ʗ ʗ ʗ ʗ Ш ʗ ʗ ʗ ʗ ʗ ʗ ʗ ʗ ⊕ Ш ß Ш ʗ ʗ б ♠ ♠ 6 ♠ ♠ ♠ ♠ б ♠ б 6 6 б б ♠ б б ♠ б ♠ ♠ ♠ 6 ♠ б б ⊞ H ⊕ # ⊕ ⊕ ⊞ H H # ⬅ # # ⊞ ⊞ ⊞ $ H ⬅ ⊕ ⊕ # # # ⊞ ⊞ ⊕ \ H ⊞ H #
ß ʗ ß ß ß ʗ ß ⊕ ß ⊕ ʗ ʗ ʗ ⊕ ⊕ ⊕ ʗ ʗ Ш 6 б 6 б 6 6 ♠ ♠ б б ♠ б 6 ♠ б ♠ ♠ 6 6 ♠ ♠ ♠ б ♠ 6 6 6 ⊕ H # # H H H # H # ⬅ $ ⊞ # $ ◙ ⬅ # ⊞ ⬅ # # # $ # # H \ ⊞ # # $
Ш ʗ Ш ß ʗ ʗ ß ʗ ⊕ Ш ⊕ ß ʗ Ш ⊕ ʗ ʗ ʗ Ш ♠ 6 6 ♠ 6 б ♠ 6 ♠ ♠ ♠ ♠ 6 ♠ ♠ б ♠ 6 6 ♠ б 6 ♠ б б б ♠ \ H ◙ $ ⬅ \ ⊞ $ $ ⊕ H ⊞ ◙ # \ ⬅ ◙ ◙ # ⊕ H # ⬅ ⊞ ⊞ ◙ H # # \ ◙ \
ʗ ʗ ʗ ʗ ʗ ʗ ʗ ⊕ ʗ ʗ ʗ ʗ ʗ ʗ ß ⊕ ʗ ʗ ʗ ♠ ♠ ♠ 6 ♠ ♠ ♠ 6 ♠ б б ♠ б б б 6 6 б ♠ б ♠ ♠ ♠ б ♠ ♠ ♠ ⬅ ⊕ ◙ \ ⬅ ⊕ ⊕ # ⊞ # \ \ # $ ⊞ H ⊞ ◙ \ $ H H H \ ⬅ ⊕ # H ◙ ◙ ⊞ H
ʗ ʗ ʗ ʗ ʗ ʗ ʗ Ш ʗ ß Ш ʗ ʗ ß ʗ ʗ ʗ ʗ ß ♠ ♠ ♠ ♠ б ♠ ♠ ♠ б ♠ ♠ б 6 6 ♠ ♠ ♠ ♠ ♠ б б б 6 ♠ ♠ б б ⬅ ⊞ # ◙ # ⊕ H ◙ \ ⊕ $ ◙ $ \ \ ⊕ # $ ⊕ # ⊕ # $ \ # ⊞ # $ # $ H $
ß ⊕ ʗ ʗ ʗ ʗ ʗ ʗ ʗ ʗ ʗ Ш ʗ ʗ ß ʗ ʗ Ш ʗ ♠ б 6 б б ♠ 6 ♠ ♠ ♠ б 6 6 6 ♠ ♠ ♠ ♠ 6 б 6 ♠ 6 ♠ ♠ б б ◙ ⊞ ⊞ # H ⬅ $ ◙ ⊞ # $ $ ⬅ ⊞ # # ⬅ \ # # ◙ # \ ⬅ ⊞ \ ⊞ H ◙ ⬅ ◙ ⊕
Ш ʗ ʗ ⊕ ʗ ʗ ʗ ʗ ʗ ʗ ʗ ʗ Ш Ш ʗ ʗ ʗ ʗ Ш ♠ ♠ б б 6 б ♠ б ♠ ♠ ♠ 6 6 6 б 6 ♠ 6 б ♠ б ♠ б ♠ ♠ ♠ б ⬅ # ⊕ $ # H # \ ⊕ ⬅ H \ # ◙ ⊞ \ ⬅ ⊞ H \ $ ⬅ $ \ ⬅ \ ⊕ \ # H ⬅ #
ʗ ʗ ʗ ʗ ʗ ʗ ʗ ß ß ʗ Ш Ш ʗ ʗ ʗ ʗ ⊕ ʗ ß ♠ ♠ ♠ 6 6 6 ♠ б б ♠ ♠ ♠ ♠ ♠ ♠ 6 ♠ 6 6 ♠ ♠ ♠ 6 6 ♠ б б H ⊞ $ ⬅ \ ⬅ $ # ◙ $ $ # # ◙ \ H # # $ ⊞ H H $ \ ⊞ H H ⬅ $ ⊕ H H
⊕ ʗ ʗ ʗ ʗ ʗ ß ⊕ ʗ ʗ ß ß ʗ ⊕ ʗ ʗ Ш ʗ ʗ б б б 6 6 6 б 6 ♠ ♠ ♠ 6 б 6 б ♠ б ♠ б ♠ б ♠ 6 ♠ 6 ♠ ♠ H ⊕ ⊞ ⊞ ⊞ ◙ ⊕ H $ \ H $ # H ⊕ # ⊕ # ◙ \ \ $ # # ⊞ # \ \ H \ H H
ʗ ß ʗ ʗ ʗ ʗ ʗ ʗ ʗ ʗ ʗ ʗ ß Ш ʗ ʗ ʗ Ш ʗ б ♠ ♠ ♠ 6 6 б ♠ ♠ ♠ ♠ ♠ б б б ♠ 6 6 6 ♠ ♠ ♠ 6 б 6 ♠ ♠ H ⬅ H H # ◙ ⊕ ⊞ # ⊞ \ # \ $ ⊕ H ◙ $ H ◙ ⬅ ◙ $ # # # ⊞ # \ H H \
ʗ ʗ ʗ ʗ ʗ ß ʗ ß ⊕ Ш ⊕ ʗ ʗ ʗ ʗ ʗ ⊕ Ш ⊕ ♠ ♠ б б 6 ♠ ♠ ♠ б ♠ ♠ б ♠ б б 6 б б ♠ б б ♠ 6 ♠ 6 б б ◙ \ ◙ H ⬅ $ ◙ ◙ # ⊕ H H \ H ◙ ◙ # ⊕ ⬅ ⊞ $ H # H ⊞ ◙ \ H H $ \ ⬅
ʗ ⊕ ʗ ʗ Ш Ш ʗ ʗ ß ʗ ʗ ⊕ ʗ ß ʗ ʗ ʗ ⊕ ʗ 6 ♠ 6 ♠ 6 6 ♠ ♠ ♠ 6 ♠ ♠ ♠ б 6 ♠ ♠ б 6 б ♠ 6 ♠ 6 ♠ ♠ 6 6 ⬅ ⊕ ⊕ H H ⊕ # \ H $ ◙ H # ⊞ $ ⊕ # \ H # ⬅ ⊞ ◙ ◙ H ◙ \ ⬅ H ⊕ #
ß ʗ ß ⊕ ⊕ ʗ ʗ ʗ ⊕ ʗ ʗ ß ʗ Ш ʗ ʗ ʗ ß ⊕ 6 ♠ б 6 ♠ ♠ 6 6 б ♠ ♠ 6 ♠ 6 б ♠ ♠ 6 ♠ ♠ ♠ 6 б 6 ♠ б ♠ ♠ ♠ ʗ # ⊕ ◙ H H ⬅ H ⬅ $ H # H # # H ⊞ \ H # H ◙ # \ ◙ H ⊕ # # $
ʗ ⊕ ʗ ʗ ⊕ Ш Ш ʗ ⊕ ʗ ⊕ ⊕ ʗ ß ʗ ʗ ⊕ ⊕ ʗ ♠ 6 ♠ ♠ ♠ б б ♠ 6 6 ♠ б ♠ б ♠ б ♠ ♠ ♠ 6 ♠ ♠ ♠ 6 б ♠ ♠ ♠ ♠ ʗ ʗ H # H # $ ◙ $ \ $ ⊕ ◙ \ ⊞ ⬅ # # ⬅ # ⊕ ⬅ H H H ⊕ \ # \ ◙
ß ʗ ʗ ʗ ʗ ʗ ʗ ʗ ⊕ Ш ʗ ʗ ʗ Ш ʗ ʗ ʗ ß ß ♠ 6 ♠ ♠ ♠ ♠ б б 6 ♠ б б б б ♠ б ♠ б ♠ б ♠ 6 6 ♠ 6 б б б ♠ ʗ ʗ ß $ $ H ◙ H $ H $ ◙ H \ ⬅ # H \ ⬅ \ \ ◙ ◙ H ◙ H H # \ #
⊕ ʗ Ш ʗ ʗ ʗ ß ʗ ʗ ʗ ʗ ⊕ ʗ ʗ ʗ ʗ ʗ ʗ ʗ 6 ♠ 6 ♠ 6 6 6 б 6 ♠ б ♠ б ♠ ♠ ♠ 6 ♠ ♠ ♠ б 6 6 ♠ 6 6 ♠ ♠ 6 ʗ ʗ ʗ ß ʗ ⊞ $ \ # H H ◙ ⊕ H \ ⊕ $ ⊞ H ◙ ⊕ # ⬅ ◙ # # ⊕ # # $
ʗ ʗ ʗ ʗ ʗ ʗ ʗ ʗ ʗ Ш ʗ Ш ʗ ʗ ⊕ ⊕ ß ʗ ⊕ ♠ б б б ♠ б б 6 6 ♠ б б б ♠ ♠ б ♠ ♠ 6 ♠ 6 ♠ ♠ ♠ ♠ ♠ 6 б б ß ⊕ ʗ ⊕ ʗ ʗ H ⊕ # # \ $ ⬅ H # H # H $ ◙ ⬅ $ ⊕ ◙ H H # ◙ H H
ʗ ʗ ß ʗ ⊕ ʗ ʗ ß ʗ Ш ʗ Ш ⊕ ʗ ß ʗ ⊕ ʗ ʗ ♠ б ♠ 6 ♠ ♠ ♠ ♠ ♠ 6 6 б ♠ б 6 6 6 6 ♠ б ♠ б ♠ ♠ ♠ ♠ ♠ ♠ ♠ ʗ ⊕ ʗ ʗ ß ʗ ʗ H ⬅ ⬅ ◙ ⊞ H \ ⬅ $ ⊕ ⊕ ⊞ # H ⊞ ◙ H # H ⬅ $ $ ⬅
ʗ ʗ Ш ʗ ʗ ʗ ʗ ʗ ʗ ⊕ ʗ ʗ ʗ ʗ ʗ ß ʗ Ш ʗ 6 6 ♠ б 6 6 б ♠ б ♠ б ♠ 6 ♠ ♠ ♠ ♠ ♠ 6 б ♠ ♠ б ♠ ♠ ♠ ♠ ♠ ♠ ⊕ ⊕ ʗ ʗ ʗ ⊕ ʗ ß $ H ⊕ ⊕ $ H ◙ # ⬅ ◙ ⬅ ⊞ H ⊞ \ H H ⬅ H H ◙ #
ʗ ß ß ʗ ʗ ß ʗ ʗ ʗ ʗ ʗ ʗ ʗ ʗ Ш ʗ ⊕ ʗ ʗ ♠ б ♠ ♠ ♠ б ♠ 6 б б ♠ б ♠ 6 ♠ б 6 6 б ♠ ♠ ♠ ♠ 6 ♠ б ♠ 6 ♠ ʗ ʗ ʗ ʗ ʗ ʗ ʗ ʗ Ш ß ◙ $ ⊕ ⊞ H # $ $ ⊕ $ \ ⊕ ⊕ H ⊞ # # ⬅ ⊞ ⬅
ʗ Ш Ш ʗ ʗ ʗ ʗ ʗ ʗ ß Ш ß ß ʗ ʗ ʗ ⊕ ß ⊕ ♠ ♠ ♠ 6 6 ♠ 6 6 б ♠ ♠ 6 б ♠ ♠ б 6 б б ♠ ♠ б 6 ♠ 6 б ♠ ♠ 6 ʗ ʗ ʗ ⊕ ʗ Ш ʗ ʗ ß ʗ ʗ ⬅ ⊞ ⬅ # \ ◙ ⊕ ◙ ⊕ H ⊞ H \ H ⊕ ⊕ H $ ◙
ʗ Ш ʗ ʗ ʗ ß ⊕ ʗ ʗ ʗ ʗ ⊕ ß Ш ʗ ʗ ʗ ß Ш ♠ ♠ б ♠ б б 6 б 6 ♠ 6 ♠ б ♠ б б б ♠ б ♠ 6 ♠ 6 б ♠ ♠ ♠ ♠ ♠ ß ʗ ʗ ß Ш ʗ ⊕ ʗ ⊕ ⊕ ʗ ⊕ # ⬅ # H $ H # # # # ⊞ H \ \ $ ⊕ \ H
ʗ ß ⊕ ⊕ ʗ ⊕ ß Ш ß ʗ ʗ ⊕ ʗ ʗ ʗ ß ʗ ß ʗ б ♠ 6 6 ♠ 6 ♠ 6 6 6 ♠ 6 б б ♠ ♠ ♠ 6 ♠ б ♠ ♠ б ♠ б б ♠ б б ʗ ʗ ⊕ ʗ ʗ ʗ ʗ ʗ ß ß ʗ ʗ ʗ ʗ ⬅ ⊞ ◙ ◙ ⊞ ⊞ ⊞ \ ⊞ # ◙ # H H $ \
⊕ ʗ ʗ ʗ ß ⊕ ß ʗ Ш ʗ ʗ ʗ ⊕ ⊕ ʗ ʗ ʗ Ш ß 6 ♠ ♠ 6 ♠ б б ♠ б 6 ♠ 6 ♠ 6 ♠ б ♠ 6 ♠ 6 ♠ 6 ♠ 6 ♠ ♠ 6 б ♠ ʗ ß ß ʗ ʗ ʗ ß ʗ ʗ ʗ Ш ʗ Ш ʗ Ш \ \ # ⊕ ⊞ ⊞ $ \ # ⬅ ◙ ◙ H \ H
Ш ʗ Ш ʗ ʗ ʗ ß ⊕ ʗ ⊕ ⊕ ʗ ʗ ʗ ⊕ ʗ ʗ ʗ Ш 6 ♠ 6 ♠ ♠ 6 ♠ 6 ♠ б ♠ ♠ 6 б ♠ 6 ♠ ♠ 6 6 ♠ б 6 б ♠ ♠ 6 ♠ б ⊕ Ш Ш ʗ ʗ ʗ ⊕ ʗ ʗ ʗ ß ß Ш ʗ ʗ ʗ \ H ⬅ $ ◙ ⬅ # ⬅ ⊕ ⬅ H H ⬅ #
ʗ ʗ ʗ ʗ ʗ ʗ Ш ⊕ ⊕ ß ß ʗ ʗ ß ß ʗ ⊕ ʗ ß ♠ ♠ 6 ♠ б ♠ 6 6 б б ♠ б ♠ ♠ ♠ б ♠ б б ♠ ♠ ♠ ♠ б ♠ ♠ ♠ 6 б ʗ ⊕ ʗ ʗ ʗ ⊕ ʗ ʗ ʗ ʗ ʗ ʗ ⊕ ʗ Ш ⊕ ʗ ʗ ⊕ ⬅ # H ◙ ⊕ $ ⊕ \ ◙ H H
ß ʗ ʗ ß ⊕ Ш ß ʗ ʗ ʗ Ш ß ʗ ʗ ʗ ß Ш ʗ Ш ♠ ♠ ♠ 6 б ♠ б ♠ 6 ♠ 6 ♠ 6 б б ♠ б ♠ ♠ 6 ♠ ♠ ♠ ♠ б ♠ б ♠ ♠ Ш ʗ ʗ ʗ ʗ ⊕ ⊕ ʗ ʗ Ш ʗ Ш ʗ ʗ ⊕ Ш ʗ ʗ ʗ ⊕ $ ⊕ \ H $ # # ⊕ ⬅ ⬅
ʗ ß ß ⊕ Ш ʗ ß ʗ ß ʗ Ш ʗ ʗ ʗ ⊕ ʗ Ш ʗ ʗ б ♠ ♠ 6 ♠ ♠ ♠ 6 6 ♠ б ♠ 6 ♠ ♠ 6 6 ♠ ♠ ♠ ♠ ♠ ♠ б ♠ б б б 6 ß Ш ʗ ʗ ʗ ʗ Ш Ш ß ʗ ⊕ Ш ß ʗ ß ʗ ʗ ß ʗ ʗ $ # ⬅ # H ⊕ ◙ ⬅ H ⬅
ʗ ⊕ ß ʗ ʗ ʗ Ш ʗ ⊕ ʗ Ш ʗ ß Ш ʗ ʗ ʗ ʗ Ш ♠ 6 ♠ ♠ 6 ♠ ♠ 6 ♠ ♠ б 6 ♠ ♠ ♠ 6 б ♠ 6 б ♠ б ♠ ♠ б ♠ б б б ʗ ʗ ʗ ʗ ß ʗ ʗ ʗ ʗ ʗ ʗ Ш ʗ ʗ ʗ ʗ ʗ ʗ ß ʗ ʗ H ◙ \ ⬅ ⬅ # # ⬅ ⊕
ß ʗ ʗ ⊕ ʗ ß ʗ Ш ⊕ ʗ ʗ ʗ ʗ ʗ ʗ ʗ ß ʗ ʗ б 6 ♠ ♠ б ♠ ♠ ♠ ♠ б ♠ б 6 6 6 ♠ б 6 ♠ 6 6 б 6 ♠ ♠ б б ♠ ♠ Ш ß Ш Ш ⊕ ʗ ⊕ ʗ ß ʗ ʗ ʗ ʗ ß ß ʗ ʗ Ш ʗ ⊕ ß ʗ ʗ ◙ # # # # H $
Ш ʗ ʗ ʗ ʗ ʗ ⊕ ʗ ʗ ʗ ʗ ʗ Ш ʗ ʗ ʗ Ш ʗ ʗ б ♠ ♠ ♠ ♠ ♠ б ♠ ♠ ♠ 6 ♠ ♠ ♠ ♠ 6 6 6 6 ♠ б ♠ ♠ ♠ ♠ ♠ ♠ б ♠ ʗ Ш ʗ ʗ ʗ ʗ ß ʗ ʗ ʗ ʗ ʗ ʗ Ш ß ʗ ʗ ʗ ⊕ Ш ʗ ⊕ ʗ Ш H ◙ \ # # ⬅
ʗ ⊕ Ш ⊕ ß ß ß ʗ ⊕ ß ʗ ʗ ʗ ʗ ʗ ʗ ⊕ ß ʗ б б ♠ б ♠ ♠ ♠ 6 6 6 б 6 6 ♠ ♠ ♠ ♠ ♠ б 6 6 ♠ б ♠ ♠ 6 6 ♠ 6 ʗ Ш ʗ Ш ʗ ʗ ß ʗ ʗ ʗ ʗ ʗ ʗ ʗ ʗ ʗ ʗ ʗ ʗ ʗ Ш ʗ Ш ʗ ʗ # ⊕ ⬅ ◙ #
230	240	250	260	270	280	290	300
10
20
30
40
50
60
70
80
90
100
110
(10)	(11)
